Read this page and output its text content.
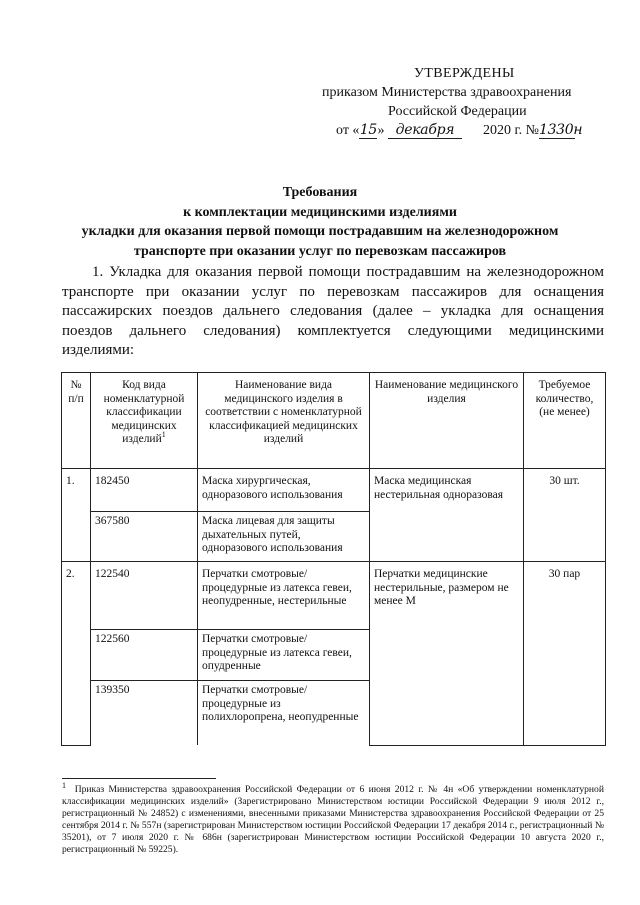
УТВЕРЖДЕНЫ
приказом Министерства здравоохранения
Российской Федерации
от «15» декабря 2020 г. №1330н
Требования
к комплектации медицинскими изделиями
укладки для оказания первой помощи пострадавшим на железнодорожном
транспорте при оказании услуг по перевозкам пассажиров
1. Укладка для оказания первой помощи пострадавшим на железнодорожном транспорте при оказании услуг по перевозкам пассажиров для оснащения пассажирских поездов дальнего следования (далее – укладка для оснащения поездов дальнего следования) комплектуется следующими медицинскими изделиями:
№ п/п	Код вида номенклатурной классификации медицинских изделий$^1$	Наименование вида медицинского изделия в соответствии с номенклатурной классификацией медицинских изделий	Наименование медицинского изделия	Требуемое количество, (не менее)
1.	182450	Маска хирургическая, одноразового использования	Маска медицинская нестерильная одноразовая	30 шт.
	367580	Маска лицевая для защиты дыхательных путей, одноразового использования		
2.	122540	Перчатки смотровые/процедурные из латекса гевеи, неопудренные, нестерильные	Перчатки медицинские нестерильные, размером не менее М	30 пар
	122560	Перчатки смотровые/процедурные из латекса гевеи, опудренные		
	139350	Перчатки смотровые/процедурные из полихлоропрена, неопудренные		
$^1$ Приказ Министерства здравоохранения Российской Федерации от 6 июня 2012 г. № 4н «Об утверждении номенклатурной классификации медицинских изделий» (Зарегистрировано Министерством юстиции Российской Федерации 9 июля 2012 г., регистрационный № 24852) с изменениями, внесенными приказами Министерства здравоохранения Российской Федерации от 25 сентября 2014 г. № 557н (зарегистрирован Министерством юстиции Российской Федерации 17 декабря 2014 г., регистрационный № 35201), от 7 июля 2020 г. № 686н (зарегистрирован Министерством юстиции Российской Федерации 10 августа 2020 г., регистрационный № 59225).
